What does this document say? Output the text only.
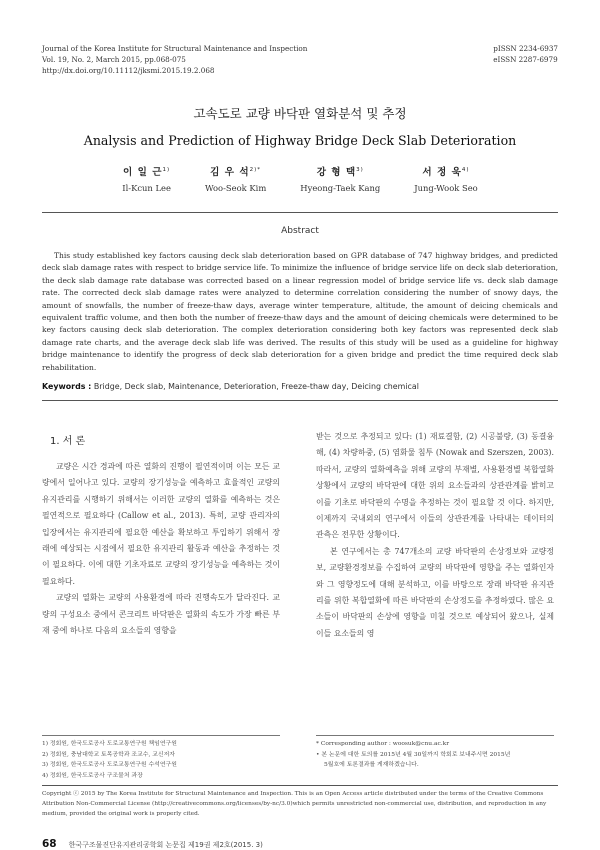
Journal of the Korea Institute for Structural Maintenance and Inspection
Vol. 19, No. 2, March 2015, pp.068-075
http://dx.doi.org/10.11112/jksmi.2015.19.2.068
pISSN 2234-6937
eISSN 2287-6979
고속도로 교량 바닥판 열화분석 및 추정
Analysis and Prediction of Highway Bridge Deck Slab Deterioration
이 일 근$^{1)}$
Il-Kcun Lee
김 우 석$^{2)*}$
Woo-Seok Kim
강 형 택$^{3)}$
Hyeong-Taek Kang
서 정 욱$^{4)}$
Jung-Wook Seo
Abstract
This study established key factors causing deck slab deterioration based on GPR database of 747 highway bridges, and predicted deck slab damage rates with respect to bridge service life. To minimize the influence of bridge service life on deck slab deterioration, the deck slab damage rate database was corrected based on a linear regression model of bridge service life vs. deck slab damage rate. The corrected deck slab damage rates were analyzed to determine correlation considering the number of snowy days, the amount of snowfalls, the number of freeze-thaw days, average winter temperature, altitude, the amount of deicing chemicals and equivalent traffic volume, and then both the number of freeze-thaw days and the amount of deicing chemicals were determined to be key factors causing deck slab deterioration. The complex deterioration considering both key factors was represented deck slab damage rate charts, and the average deck slab life was derived. The results of this study will be used as a guideline for highway bridge maintenance to identify the progress of deck slab deterioration for a given bridge and predict the time required deck slab rehabilitation.
Keywords : Bridge, Deck slab, Maintenance, Deterioration, Freeze-thaw day, Deicing chemical
1. 서 론

교량은 시간 경과에 따른 열화의 진행이 필연적이며 이는 모든 교량에서 일어나고 있다. 교량의 장기성능을 예측하고 효율적인 교량의 유지관리를 시행하기 위해서는 이러한 교량의 열화를 예측하는 것은 필연적으로 필요하다 (Callow et al., 2013). 특히, 교량 관리자의 입장에서는 유지관리에 필요한 예산을 확보하고 투입하기 위해서 장래에 예상되는 시점에서 필요한 유지관리 활동과 예산을 추정하는 것이 필요하다. 이에 대한 기초자료로 교량의 장기성능을 예측하는 것이 필요하다.

교량의 열화는 교량의 사용환경에 따라 진행속도가 달라진다. 교량의 구성요소 중에서 콘크리트 바닥판은 열화의 속도가 가장 빠른 부재 중에 하나로 다음의 요소들의 영향을

받는 것으로 추정되고 있다: (1) 재료결함, (2) 시공불량, (3) 동결융해, (4) 차량하중, (5) 염화물 침투 (Nowak and Szerszen, 2003). 따라서, 교량의 열화예측을 위해 교량의 부재별, 사용환경별 복합열화상황에서 교량의 바닥판에 대한 위의 요소들과의 상관관계를 밝히고 이를 기초로 바닥판의 수명을 추정하는 것이 필요할 것 이다. 하지만, 이제까지 국내외의 연구에서 이들의 상관관계를 나타내는 데이터의 관측은 전무한 상황이다.

본 연구에서는 총 747개소의 교량 바닥판의 손상정보와 교량정보, 교량환경정보를 수집하여 교량의 바닥판에 영향을 주는 열화인자와 그 영향정도에 대해 분석하고, 이를 바탕으로 장래 바닥판 유지관리를 위한 복합열화에 따른 바닥판의 손상정도를 추정하였다. 많은 요소들이 바닥판의 손상에 영향을 미칠 것으로 예상되어 왔으나, 실제 이들 요소들의 영

1) 정회원, 한국도로공사 도로교통연구원 책임연구원
2) 정회원, 충남대학교 토목공학과 조교수, 교신저자
3) 정회원, 한국도로공사 도로교통연구원 수석연구원
4) 정회원, 한국도로공사 구조물처 과장
* Corresponding author : woosuk@cnu.ac.kr
• 본 논문에 대한 토의를 2015년 4월 30일까지 학회로 보내주시면 2015년
5월호에 토론결과를 게재하겠습니다.
Copyright ⓒ 2015 by The Korea Institute for Structural Maintenance and Inspection. This is an Open Access article distributed under the terms of the Creative Commons Attribution Non-Commercial License (http://creativecommons.org/licenses/by-nc/3.0)which permits unrestricted non-commercial use, distribution, and reproduction in any medium, provided the original work is properly cited.
68 한국구조물진단유지관리공학회 논문집 제19권 제2호(2015. 3)
